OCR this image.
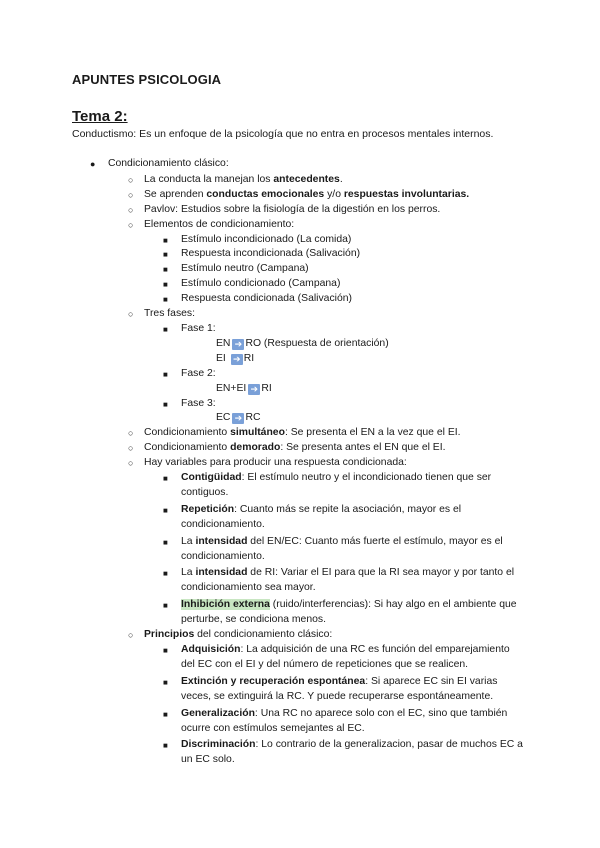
APUNTES PSICOLOGIA
Tema 2:
Conductismo: Es un enfoque de la psicología que no entra en procesos mentales internos.
● Condicionamiento clásico:
○ La conducta la manejan los antecedentes.
○ Se aprenden conductas emocionales y/o respuestas involuntarias.
○ Pavlov: Estudios sobre la fisiología de la digestión en los perros.
○ Elementos de condicionamiento:
■ Estímulo incondicionado (La comida)
■ Respuesta incondicionada (Salivación)
■ Estímulo neutro (Campana)
■ Estímulo condicionado (Campana)
■ Respuesta condicionada (Salivación)
○ Tres fases:
■ Fase 1:
EN ➔ RO (Respuesta de orientación)
EI ➔ RI
■ Fase 2:
EN+EI ➔ RI
■ Fase 3:
EC ➔ RC
○ Condicionamiento simultáneo: Se presenta el EN a la vez que el EI.
○ Condicionamiento demorado: Se presenta antes el EN que el EI.
○ Hay variables para producir una respuesta condicionada:
■ Contigüidad: El estímulo neutro y el incondicionado tienen que ser contiguos.
■ Repetición: Cuanto más se repite la asociación, mayor es el condicionamiento.
■ La intensidad del EN/EC: Cuanto más fuerte el estímulo, mayor es el condicionamiento.
■ La intensidad de RI: Variar el EI para que la RI sea mayor y por tanto el condicionamiento sea mayor.
■ Inhibición externa (ruido/interferencias): Si hay algo en el ambiente que perturbe, se condiciona menos.
○ Principios del condicionamiento clásico:
■ Adquisición: La adquisición de una RC es función del emparejamiento del EC con el EI y del número de repeticiones que se realicen.
■ Extinción y recuperación espontánea: Si aparece EC sin EI varias veces, se extinguirá la RC. Y puede recuperarse espontáneamente.
■ Generalización: Una RC no aparece solo con el EC, sino que también ocurre con estímulos semejantes al EC.
■ Discriminación: Lo contrario de la generalizacion, pasar de muchos EC a un EC solo.
